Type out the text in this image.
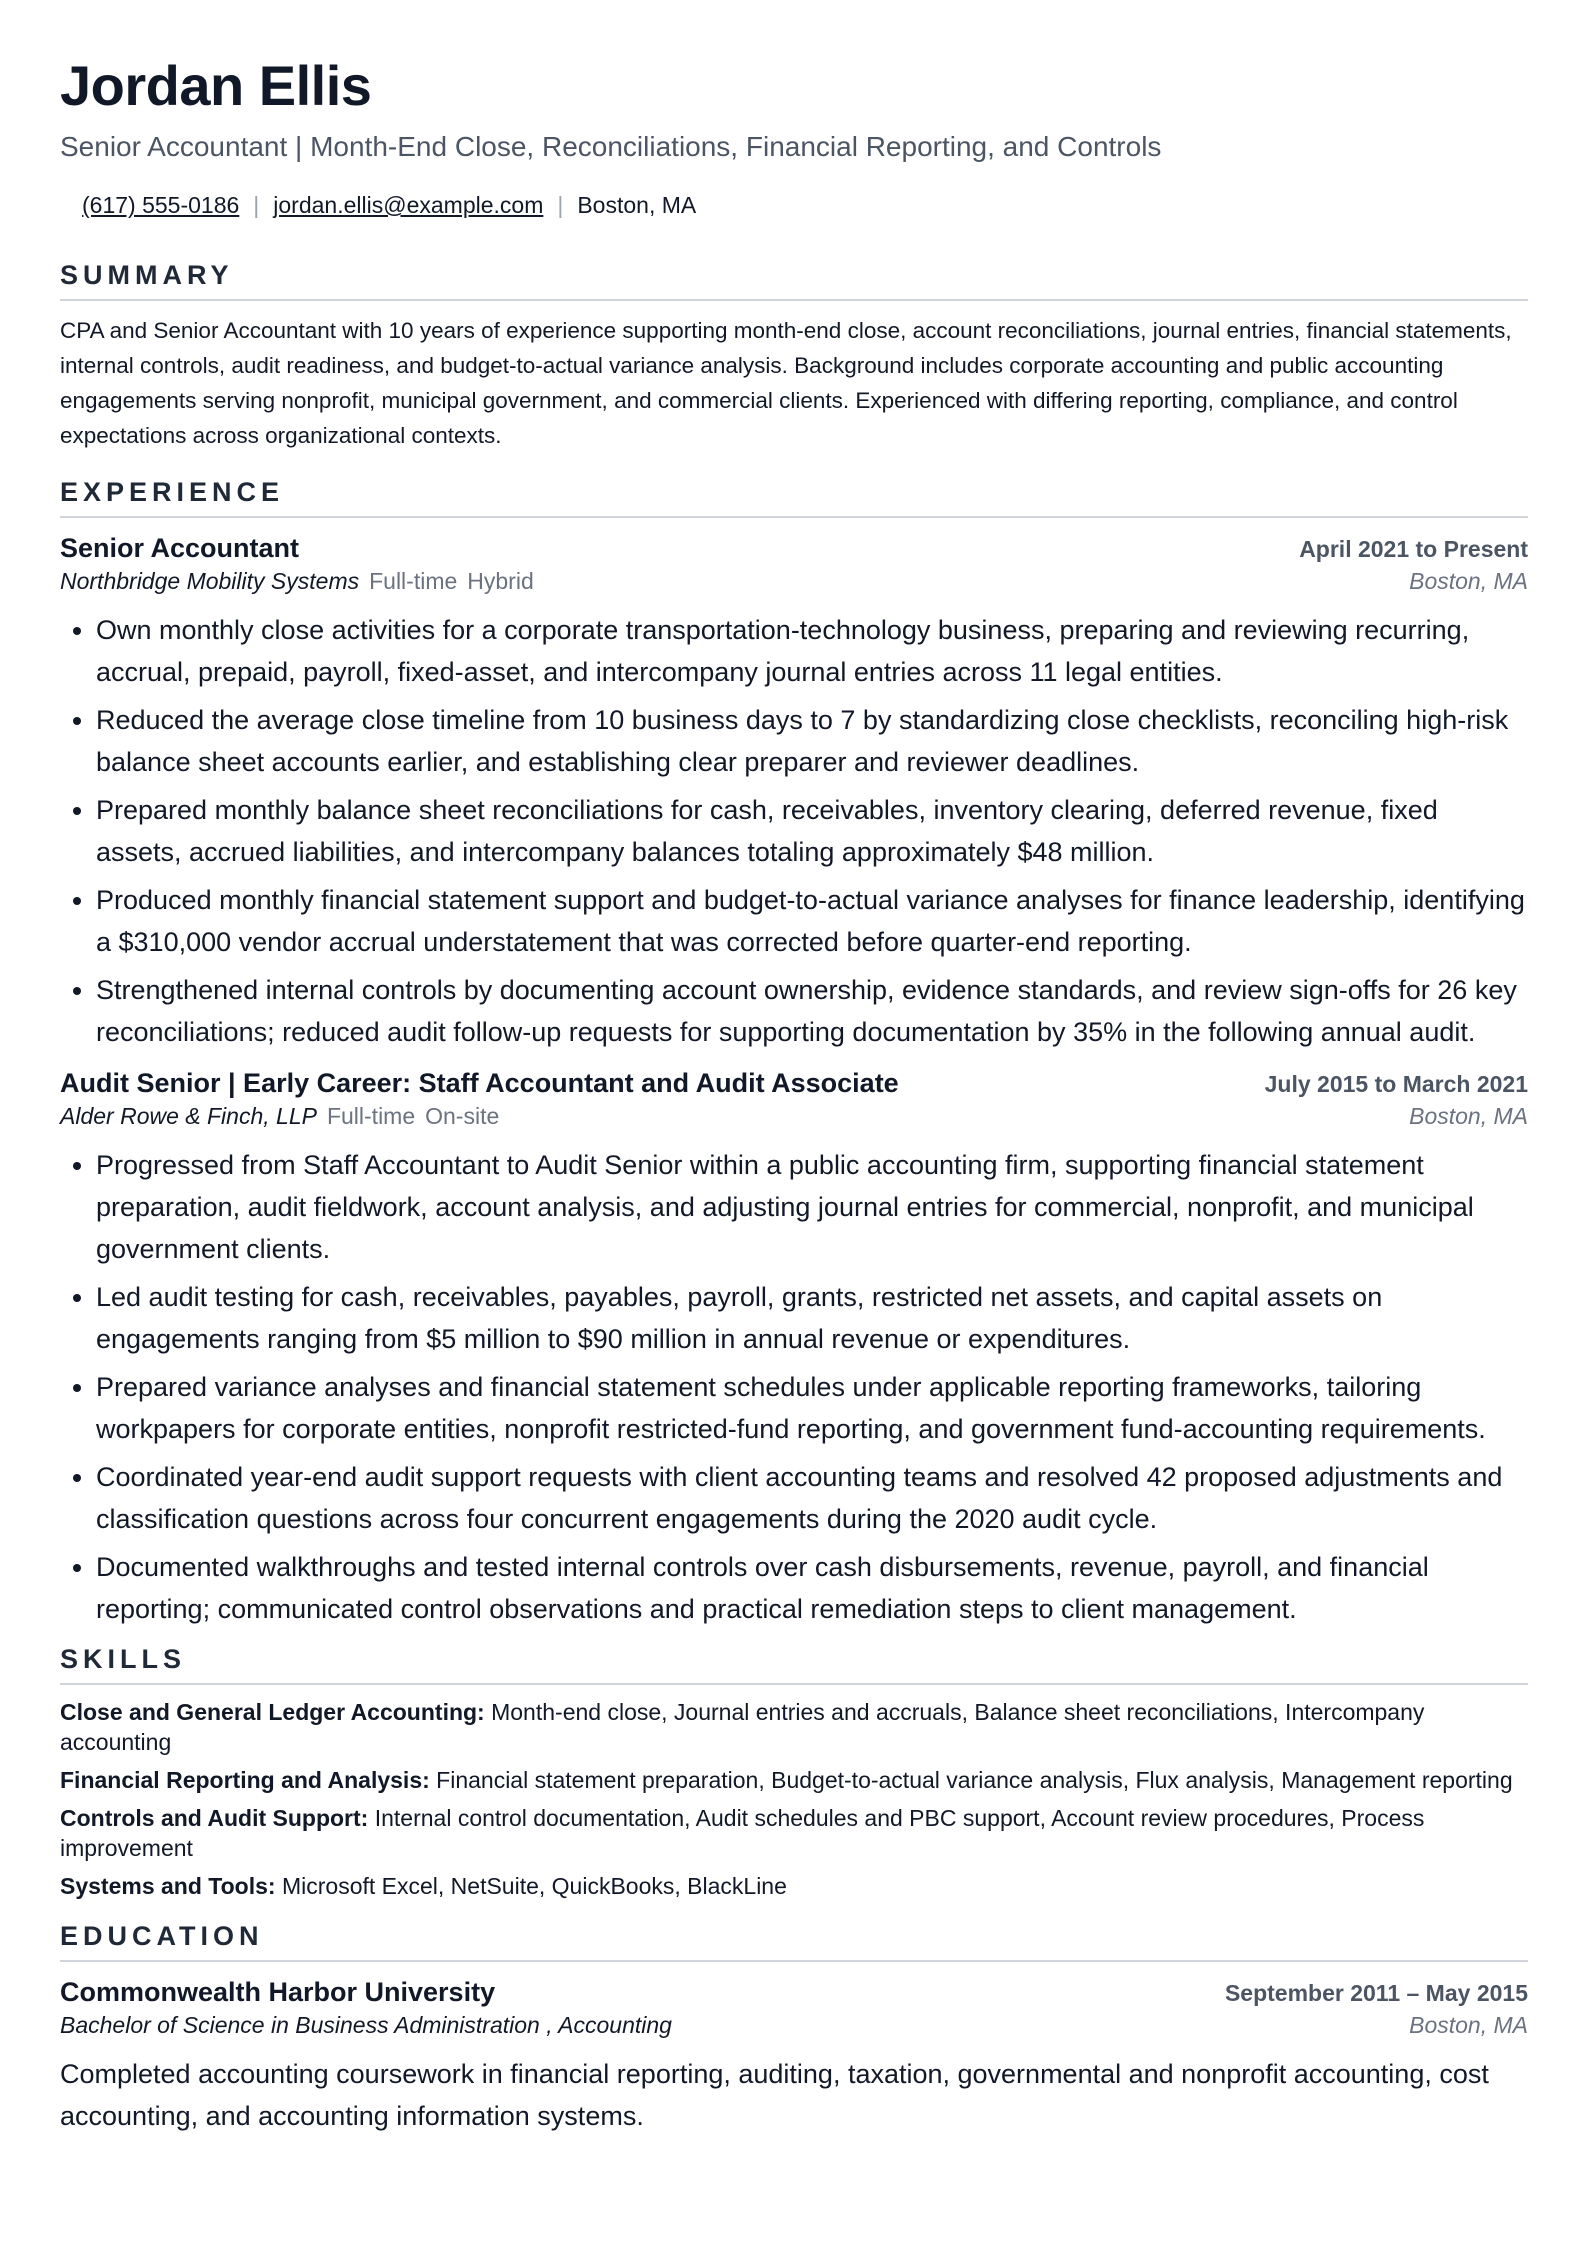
Jordan Ellis
Senior Accountant | Month-End Close, Reconciliations, Financial Reporting, and Controls
(617) 555-0186 | jordan.ellis@example.com | Boston, MA
SUMMARY

CPA and Senior Accountant with 10 years of experience supporting month-end close, account reconciliations, journal entries, financial statements, internal controls, audit readiness, and budget-to-actual variance analysis. Background includes corporate accounting and public accounting engagements serving nonprofit, municipal government, and commercial clients. Experienced with differing reporting, compliance, and control expectations across organizational contexts.

EXPERIENCE
Senior Accountant	April 2021 to Present
Northbridge Mobility Systems Full-time Hybrid	Boston, MA
• Own monthly close activities for a corporate transportation-technology business, preparing and reviewing recurring, accrual, prepaid, payroll, fixed-asset, and intercompany journal entries across 11 legal entities.
• Reduced the average close timeline from 10 business days to 7 by standardizing close checklists, reconciling high-risk balance sheet accounts earlier, and establishing clear preparer and reviewer deadlines.
• Prepared monthly balance sheet reconciliations for cash, receivables, inventory clearing, deferred revenue, fixed assets, accrued liabilities, and intercompany balances totaling approximately $48 million.
• Produced monthly financial statement support and budget-to-actual variance analyses for finance leadership, identifying a $310,000 vendor accrual understatement that was corrected before quarter-end reporting.
• Strengthened internal controls by documenting account ownership, evidence standards, and review sign-offs for 26 key reconciliations; reduced audit follow-up requests for supporting documentation by 35% in the following annual audit.
Audit Senior | Early Career: Staff Accountant and Audit Associate	July 2015 to March 2021
Alder Rowe & Finch, LLP Full-time On-site	Boston, MA
• Progressed from Staff Accountant to Audit Senior within a public accounting firm, supporting financial statement preparation, audit fieldwork, account analysis, and adjusting journal entries for commercial, nonprofit, and municipal government clients.
• Led audit testing for cash, receivables, payables, payroll, grants, restricted net assets, and capital assets on engagements ranging from $5 million to $90 million in annual revenue or expenditures.
• Prepared variance analyses and financial statement schedules under applicable reporting frameworks, tailoring workpapers for corporate entities, nonprofit restricted-fund reporting, and government fund-accounting requirements.
• Coordinated year-end audit support requests with client accounting teams and resolved 42 proposed adjustments and classification questions across four concurrent engagements during the 2020 audit cycle.
• Documented walkthroughs and tested internal controls over cash disbursements, revenue, payroll, and financial reporting; communicated control observations and practical remediation steps to client management.
SKILLS
Close and General Ledger Accounting: Month-end close, Journal entries and accruals, Balance sheet reconciliations, Intercompany accounting
Financial Reporting and Analysis: Financial statement preparation, Budget-to-actual variance analysis, Flux analysis, Management reporting
Controls and Audit Support: Internal control documentation, Audit schedules and PBC support, Account review procedures, Process improvement
Systems and Tools: Microsoft Excel, NetSuite, QuickBooks, BlackLine
EDUCATION
Commonwealth Harbor University	September 2011 – May 2015
Bachelor of Science in Business Administration , Accounting	Boston, MA

Completed accounting coursework in financial reporting, auditing, taxation, governmental and nonprofit accounting, cost accounting, and accounting information systems.
